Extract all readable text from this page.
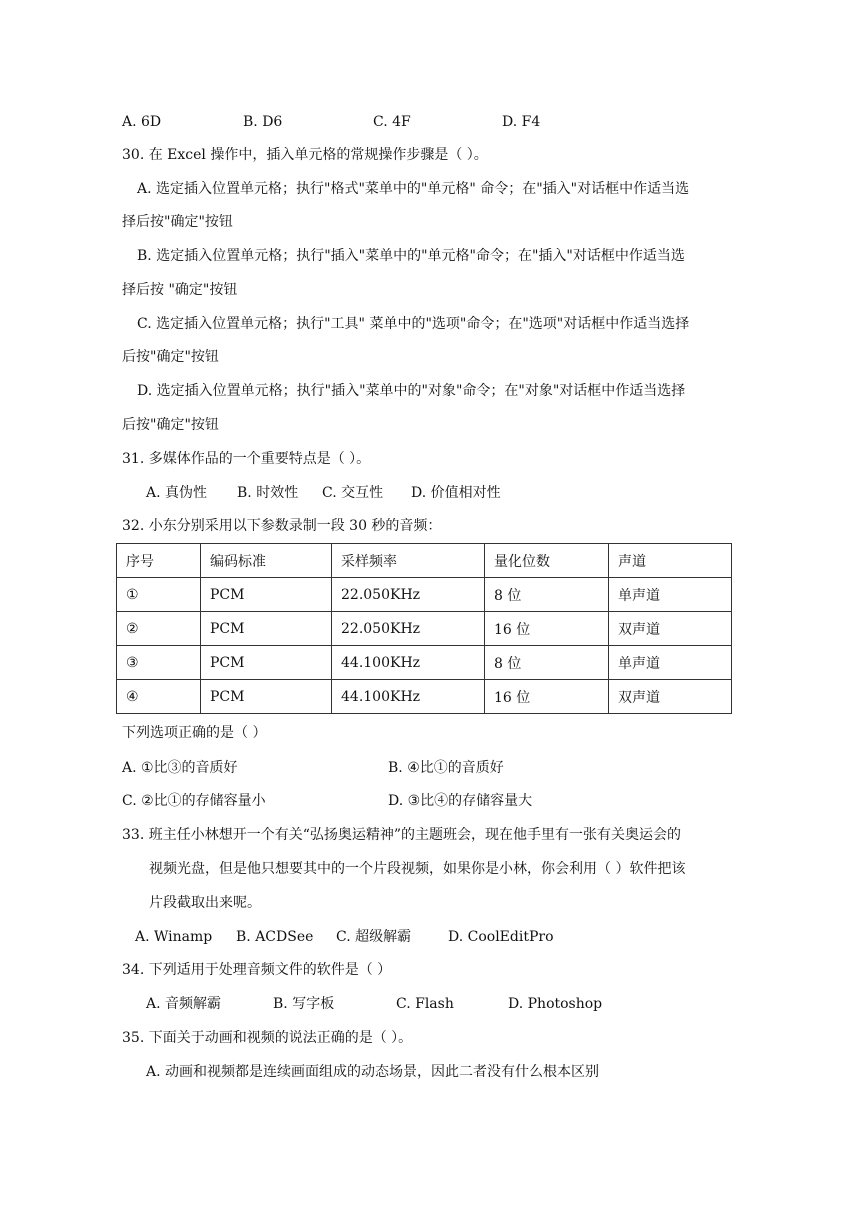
A. 6D	B. D6	C. 4F	D. F4
30. 在 Excel 操作中，插入单元格的常规操作步骤是（ ）。
A. 选定插入位置单元格；执行"格式"菜单中的"单元格" 命令；在"插入"对话框中作适当选
择后按"确定"按钮
B. 选定插入位置单元格；执行"插入"菜单中的"单元格"命令；在"插入"对话框中作适当选
择后按 "确定"按钮
C. 选定插入位置单元格；执行"工具" 菜单中的"选项"命令；在"选项"对话框中作适当选择
后按"确定"按钮
D. 选定插入位置单元格；执行"插入"菜单中的"对象"命令；在"对象"对话框中作适当选择
后按"确定"按钮
31. 多媒体作品的一个重要特点是（ ）。
A. 真伪性 B. 时效性 C. 交互性 D. 价值相对性
32. 小东分别采用以下参数录制一段 30 秒的音频：
序号	编码标准	采样频率	量化位数	声道
①	PCM	22.050KHz	8 位	单声道
②	PCM	22.050KHz	16 位	双声道
③	PCM	44.100KHz	8 位	单声道
④	PCM	44.100KHz	16 位	双声道
下列选项正确的是（ ）
A. ①比③的音质好	B. ④比①的音质好
C. ②比①的存储容量小	D. ③比④的存储容量大
33. 班主任小林想开一个有关“弘扬奥运精神”的主题班会，现在他手里有一张有关奥运会的
视频光盘，但是他只想要其中的一个片段视频，如果你是小林，你会利用（ ）软件把该
片段截取出来呢。
A. Winamp B. ACDSee C. 超级解霸	D. CoolEditPro
34. 下列适用于处理音频文件的软件是（ ）
A. 音频解霸	B. 写字板	C. Flash	D. Photoshop
35. 下面关于动画和视频的说法正确的是（ ）。
A. 动画和视频都是连续画面组成的动态场景，因此二者没有什么根本区别
